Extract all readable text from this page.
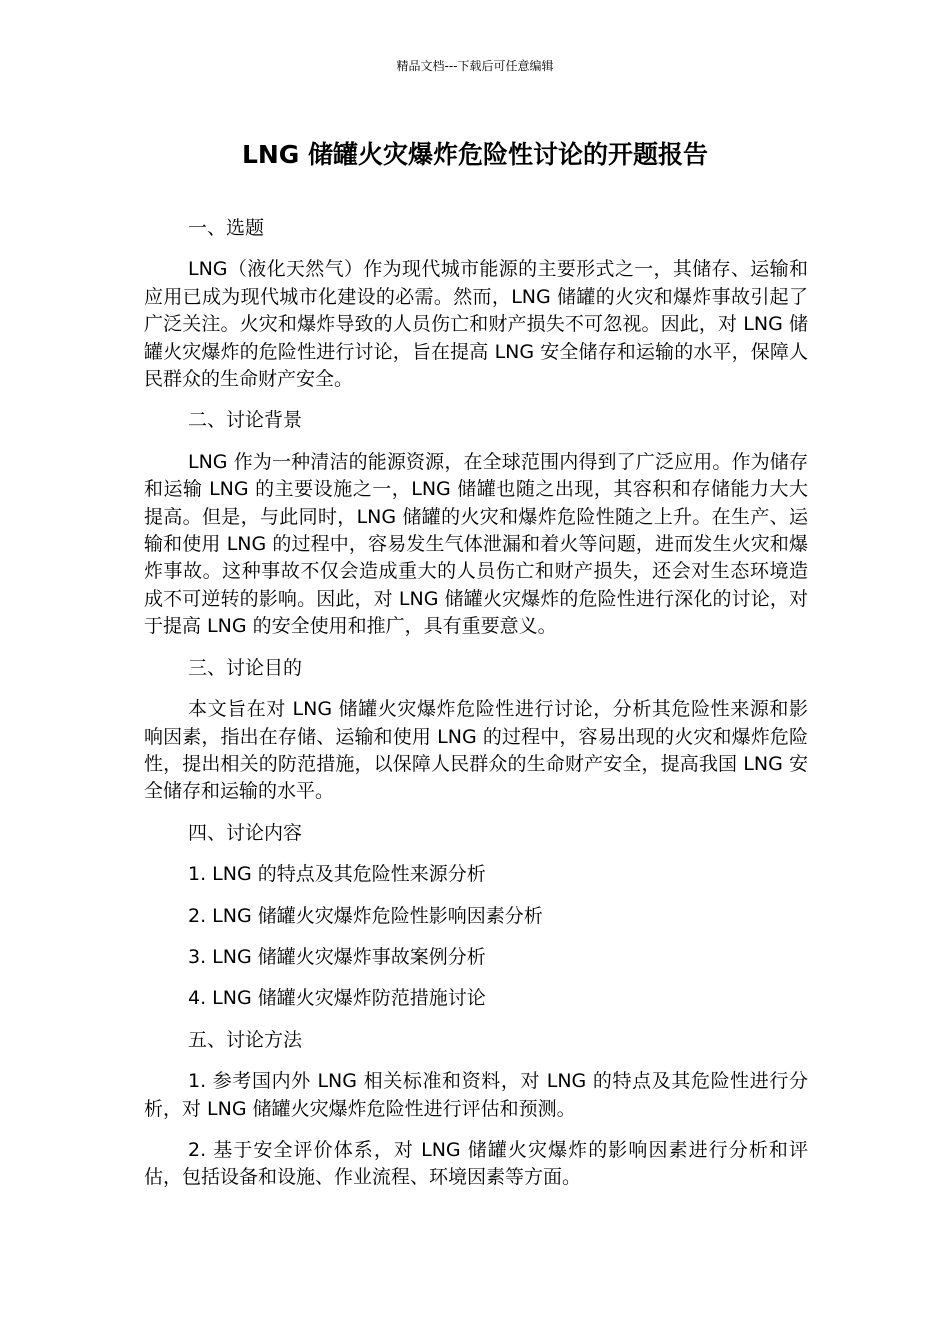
精品文档---下载后可任意编辑
LNG 储罐火灾爆炸危险性讨论的开题报告

一、选题

LNG（液化天然气）作为现代城市能源的主要形式之一，其储存、运输和应用已成为现代城市化建设的必需。然而，LNG 储罐的火灾和爆炸事故引起了广泛关注。火灾和爆炸导致的人员伤亡和财产损失不可忽视。因此，对 LNG 储罐火灾爆炸的危险性进行讨论，旨在提高 LNG 安全储存和运输的水平，保障人民群众的生命财产安全。

二、讨论背景

LNG 作为一种清洁的能源资源，在全球范围内得到了广泛应用。作为储存和运输 LNG 的主要设施之一，LNG 储罐也随之出现，其容积和存储能力大大提高。但是，与此同时，LNG 储罐的火灾和爆炸危险性随之上升。在生产、运输和使用 LNG 的过程中，容易发生气体泄漏和着火等问题，进而发生火灾和爆炸事故。这种事故不仅会造成重大的人员伤亡和财产损失，还会对生态环境造成不可逆转的影响。因此，对 LNG 储罐火灾爆炸的危险性进行深化的讨论，对于提高 LNG 的安全使用和推广，具有重要意义。

三、讨论目的

本文旨在对 LNG 储罐火灾爆炸危险性进行讨论，分析其危险性来源和影响因素，指出在存储、运输和使用 LNG 的过程中，容易出现的火灾和爆炸危险性，提出相关的防范措施，以保障人民群众的生命财产安全，提高我国 LNG 安全储存和运输的水平。

四、讨论内容

1. LNG 的特点及其危险性来源分析

2. LNG 储罐火灾爆炸危险性影响因素分析

3. LNG 储罐火灾爆炸事故案例分析

4. LNG 储罐火灾爆炸防范措施讨论

五、讨论方法

1. 参考国内外 LNG 相关标准和资料，对 LNG 的特点及其危险性进行分析，对 LNG 储罐火灾爆炸危险性进行评估和预测。

2. 基于安全评价体系，对 LNG 储罐火灾爆炸的影响因素进行分析和评估，包括设备和设施、作业流程、环境因素等方面。
